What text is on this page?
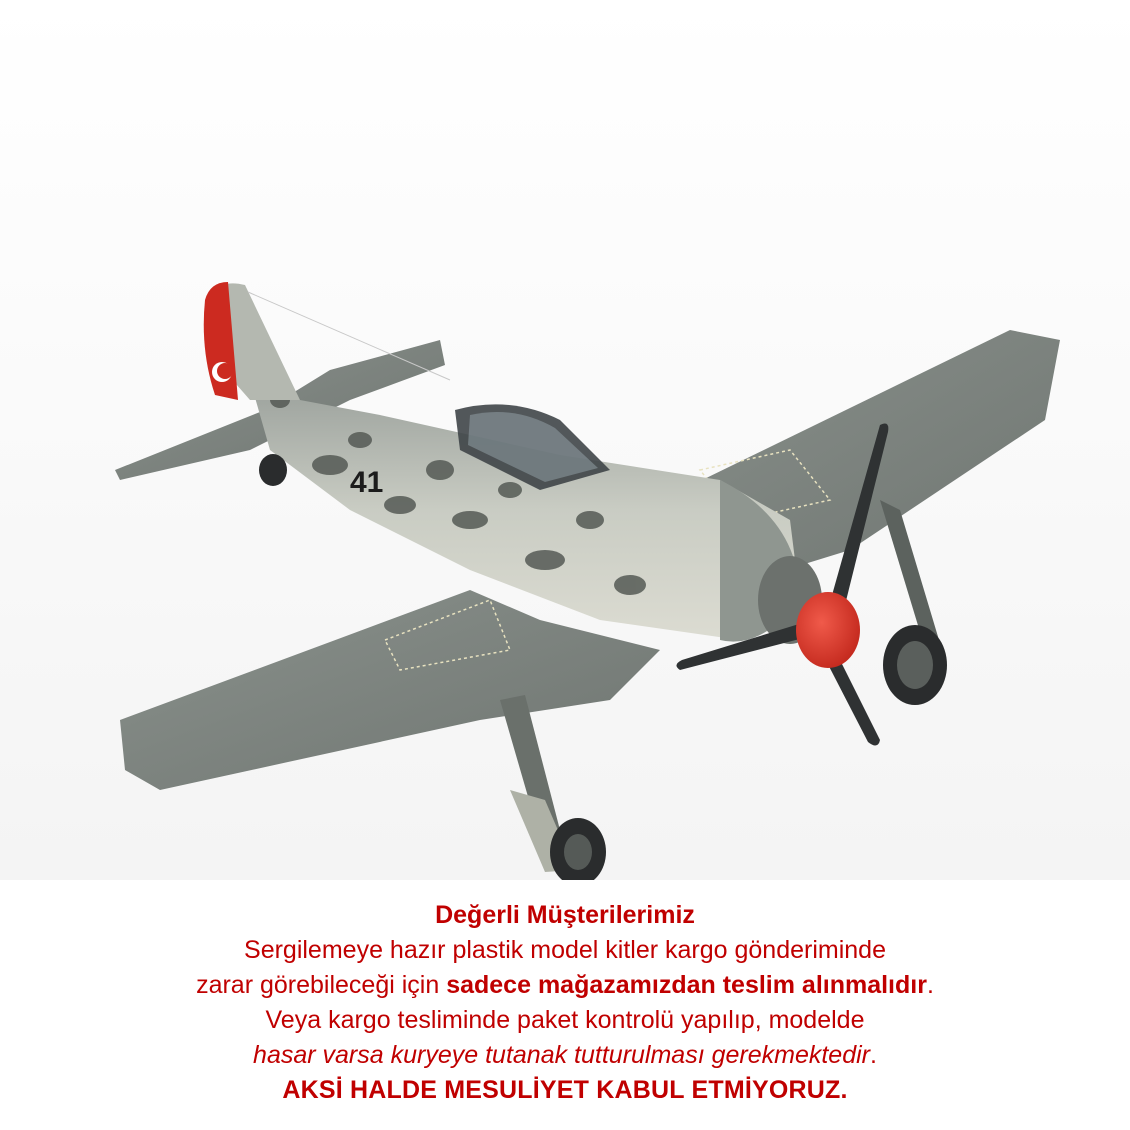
41
Değerli Müşterilerimiz
Sergilemeye hazır plastik model kitler kargo gönderiminde
zarar görebileceği için sadece mağazamızdan teslim alınmalıdır.
Veya kargo tesliminde paket kontrolü yapılıp, modelde
hasar varsa kuryeye tutanak tutturulması gerekmektedir.
AKSİ HALDE MESULİYET KABUL ETMİYORUZ.
